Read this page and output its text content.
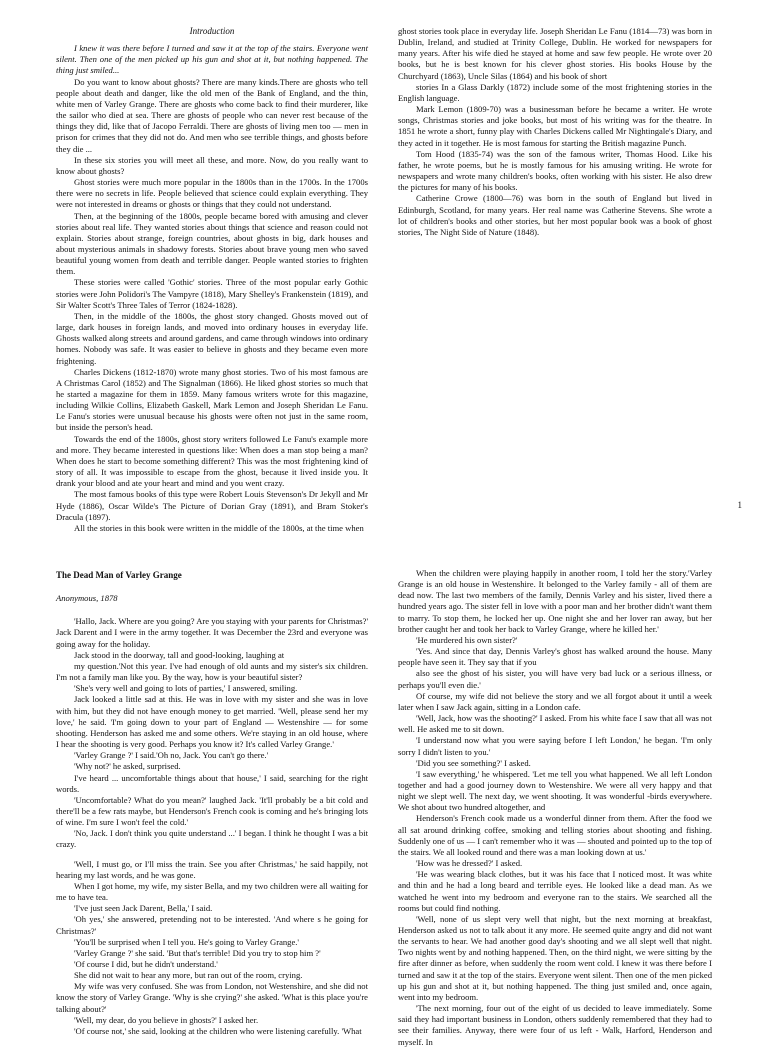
Introduction

I knew it was there before I turned and saw it at the top of the stairs. Everyone went silent. Then one of the men picked up his gun and shot at it, but nothing happened. The thing just smiled...

Do you want to know about ghosts? There are many kinds.There are ghosts who tell people about death and danger, like the old men of the Bank of England, and the thin, white men of Varley Grange. There are ghosts who come back to find their murderer, like the sailor who died at sea. There are ghosts of people who can never rest because of the things they did, like that of Jacopo Ferraldi. There are ghosts of living men too — men in prison for crimes that they did not do. And men who see terrible things, and ghosts before they die ...

In these six stories you will meet all these, and more. Now, do you really want to know about ghosts?

Ghost stories were much more popular in the 1800s than in the 1700s. In the 1700s there were no secrets in life. People believed that science could explain everything. They were not interested in dreams or ghosts or things that they could not understand.

Then, at the beginning of the 1800s, people became bored with amusing and clever stories about real life. They wanted stories about things that science and reason could not explain. Stories about strange, foreign countries, about ghosts in big, dark houses and about mysterious animals in shadowy forests. Stories about brave young men who saved beautiful young women from death and terrible danger. People wanted stories to frighten them.

These stories were called 'Gothic' stories. Three of the most popular early Gothic stories were John Polidori's The Vampyre (1818), Mary Shelley's Frankenstein (1819), and Sir Walter Scott's Three Tales of Terror (1824-1828).

Then, in the middle of the 1800s, the ghost story changed. Ghosts moved out of large, dark houses in foreign lands, and moved into ordinary houses in everyday life. Ghosts walked along streets and around gardens, and came through windows into ordinary homes. Nobody was safe. It was easier to believe in ghosts and they became even more frightening.

Charles Dickens (1812-1870) wrote many ghost stories. Two of his most famous are A Christmas Carol (1852) and The Signalman (1866). He liked ghost stories so much that he started a magazine for them in 1859. Many famous writers wrote for this magazine, including Wilkie Collins, Elizabeth Gaskell, Mark Lemon and Joseph Sheridan Le Fanu. Le Fanu's stories were unusual because his ghosts were often not just in the same room, but inside the person's head.

Towards the end of the 1800s, ghost story writers followed Le Fanu's example more and more. They became interested in questions like: When does a man stop being a man? When does he start to become something different? This was the most frightening kind of story of all. It was impossible to escape from the ghost, because it lived inside you. It drank your blood and ate your heart and mind and you went crazy.

The most famous books of this type were Robert Louis Stevenson's Dr Jekyll and Mr Hyde (1886), Oscar Wilde's The Picture of Dorian Gray (1891), and Bram Stoker's Dracula (1897).

All the stories in this book were written in the middle of the 1800s, at the time when

ghost stories took place in everyday life. Joseph Sheridan Le Fanu (1814—73) was born in Dublin, Ireland, and studied at Trinity College, Dublin. He worked for newspapers for many years. After his wife died he stayed at home and saw few people. He wrote over 20 books, but he is best known for his clever ghost stories. His books House by the Churchyard (1863), Uncle Silas (1864) and his book of short

stories In a Glass Darkly (1872) include some of the most frightening stories in the English language.

Mark Lemon (1809-70) was a businessman before he became a writer. He wrote songs, Christmas stories and joke books, but most of his writing was for the theatre. In 1851 he wrote a short, funny play with Charles Dickens called Mr Nightingale's Diary, and they acted in it together. He is most famous for starting the British magazine Punch.

Tom Hood (1835-74) was the son of the famous writer, Thomas Hood. Like his father, he wrote poems, but he is mostly famous for his amusing writing. He wrote for newspapers and wrote many children's books, often working with his sister. He also drew the pictures for many of his books.

Catherine Crowe (1800—76) was born in the south of England but lived in Edinburgh, Scotland, for many years. Her real name was Catherine Stevens. She wrote a lot of children's books and other stories, but her most popular book was a book of ghost stories, The Night Side of Nature (1848).

1

The Dead Man of Varley Grange

Anonymous, 1878

'Hallo, Jack. Where are you going? Are you staying with your parents for Christmas?' Jack Darent and I were in the army together. It was December the 23rd and everyone was going away for the holiday.

Jack stood in the doorway, tall and good-looking, laughing at

my question.'Not this year. I've had enough of old aunts and my sister's six children. I'm not a family man like you. By the way, how is your beautiful sister?

'She's very well and going to lots of parties,' I answered, smiling.

Jack looked a little sad at this. He was in love with my sister and she was in love with him, but they did not have enough money to get married. 'Well, please send her my love,' he said. 'I'm going down to your part of England — Westenshire — for some shooting. Henderson has asked me and some others. We're staying in an old house, where I hear the shooting is very good. Perhaps you know it? It's called Varley Grange.'

'Varley Grange ?' I said.'Oh no, Jack. You can't go there.'

'Why not?' he asked, surprised.

I've heard ... uncomfortable things about that house,' I said, searching for the right words.

'Uncomfortable? What do you mean?' laughed Jack. 'It'll probably be a bit cold and there'll be a few rats maybe, but Henderson's French cook is coming and he's bringing lots of wine. I'm sure I won't feel the cold.'

'No, Jack. I don't think you quite understand ...' I began. I think he thought I was a bit crazy.

'Well, I must go, or I'll miss the train. See you after Christmas,' he said happily, not hearing my last words, and he was gone.

When I got home, my wife, my sister Bella, and my two children were all waiting for me to have tea.

'I've just seen Jack Darent, Bella,' I said.

'Oh yes,' she answered, pretending not to be interested. 'And where s he going for Christmas?'

'You'll be surprised when I tell you. He's going to Varley Grange.'

'Varley Grange ?' she said. 'But that's terrible! Did you try to stop him ?'

'Of course I did, but he didn't understand.'

She did not wait to hear any more, but ran out of the room, crying.

My wife was very confused. She was from London, not Westenshire, and she did not know the story of Varley Grange. 'Why is she crying?' she asked. 'What is this place you're talking about?'

'Well, my dear, do you believe in ghosts?' I asked her.

'Of course not,' she said, looking at the children who were listening carefully. 'What

When the children were playing happily in another room, I told her the story.'Varley Grange is an old house in Westenshire. It belonged to the Varley family - all of them are dead now. The last two members of the family, Dennis Varley and his sister, lived there a hundred years ago. The sister fell in love with a poor man and her brother didn't want them to marry. To stop them, he locked her up. One night she and her lover ran away, but her brother caught her and took her back to Varley Grange, where he killed her.'

'He murdered his own sister?'

'Yes. And since that day, Dennis Varley's ghost has walked around the house. Many people have seen it. They say that if you

also see the ghost of his sister, you will have very bad luck or a serious illness, or perhaps you'll even die.'

Of course, my wife did not believe the story and we all forgot about it until a week later when I saw Jack again, sitting in a London cafe.

'Well, Jack, how was the shooting?' I asked. From his white face I saw that all was not well. He asked me to sit down.

'I understand now what you were saying before I left London,' he began. 'I'm only sorry I didn't listen to you.'

'Did you see something?' I asked.

'I saw everything,' he whispered. 'Let me tell you what happened. We all left London together and had a good journey down to Westenshire. We were all very happy and that night we slept well. The next day, we went shooting. It was wonderful -birds everywhere. We shot about two hundred altogether, and

Henderson's French cook made us a wonderful dinner from them. After the food we all sat around drinking coffee, smoking and telling stories about shooting and fishing. Suddenly one of us — I can't remember who it was — shouted and pointed up to the top of the stairs. We all looked round and there was a man looking down at us.'

'How was he dressed?' I asked.

'He was wearing black clothes, but it was his face that I noticed most. It was white and thin and he had a long beard and terrible eyes. He looked like a dead man. As we watched he went into my bedroom and everyone ran to the stairs. We searched all the rooms but could find nothing.

'Well, none of us slept very well that night, but the next morning at breakfast, Henderson asked us not to talk about it any more. He seemed quite angry and did not want the servants to hear. We had another good day's shooting and we all slept well that night. Two nights went by and nothing happened. Then, on the third night, we were sitting by the fire after dinner as before, when suddenly the room went cold. I knew it was there before I turned and saw it at the top of the stairs. Everyone went silent. Then one of the men picked up his gun and shot at it, but nothing happened. The thing just smiled and, once again, went into my bedroom.

'The next morning, four out of the eight of us decided to leave immediately. Some said they had important business in London, others suddenly remembered that they had to see their families. Anyway, there were four of us left - Walk, Harford, Henderson and myself. In
